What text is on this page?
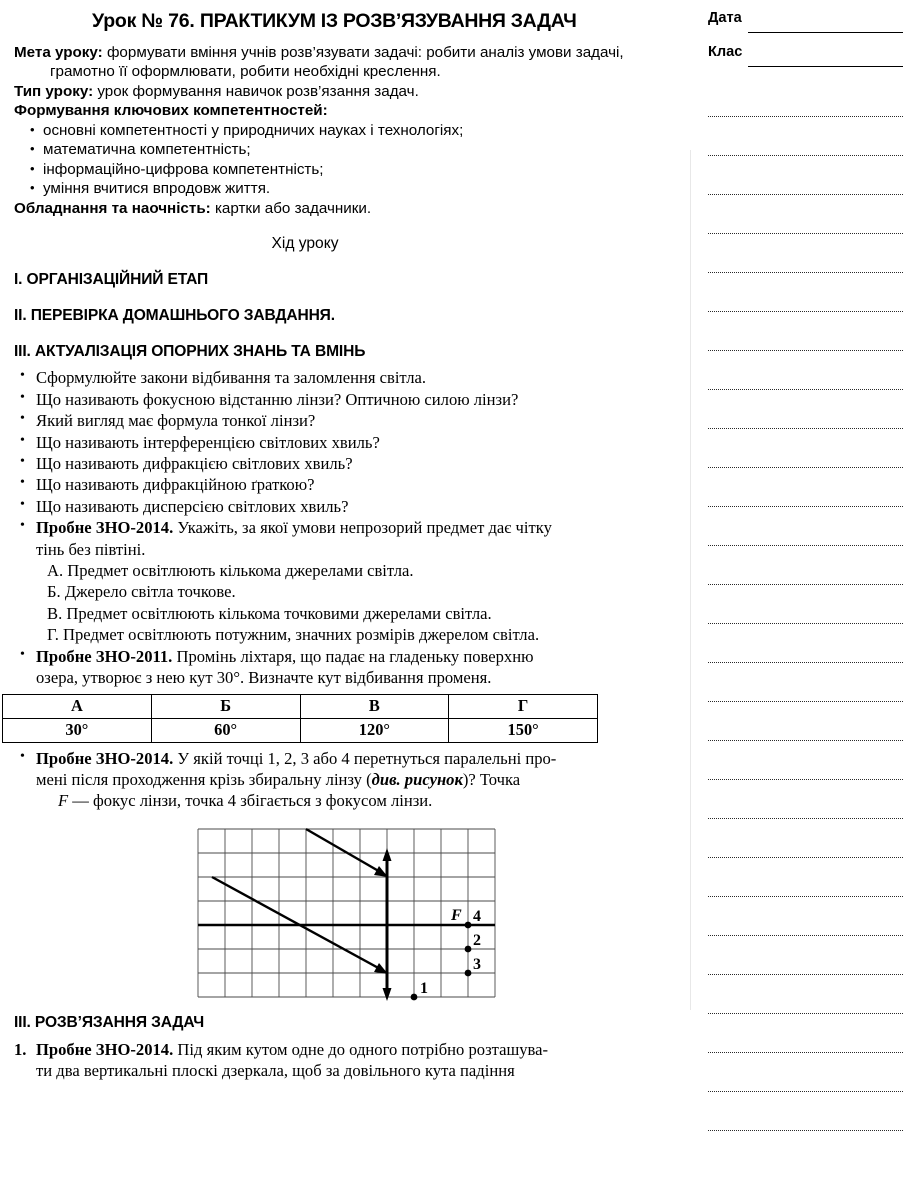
Урок № 76. ПРАКТИКУМ ІЗ РОЗВ’ЯЗУВАННЯ ЗАДАЧ

Мета уроку: формувати вміння учнів розв’язувати задачі: робити аналіз умови задачі,
грамотно її оформлювати, робити необхідні креслення.

Тип уроку: урок формування навичок розв’язання задач.

Формування ключових компетентностей:

• основні компетентності у природничих науках і технологіях;
• математична компетентність;
• інформаційно-цифрова компетентність;
• уміння вчитися впродовж життя.

Обладнання та наочність: картки або задачники.

Хід уроку
I. ОРГАНІЗАЦІЙНИЙ ЕТАП
II. ПЕРЕВІРКА ДОМАШНЬОГО ЗАВДАННЯ.
III. АКТУАЛІЗАЦІЯ ОПОРНИХ ЗНАНЬ ТА ВМІНЬ
• Сформулюйте закони відбивання та заломлення світла.
• Що називають фокусною відстанню лінзи? Оптичною силою лінзи?
• Який вигляд має формула тонкої лінзи?
• Що називають інтерференцією світлових хвиль?
• Що називають дифракцією світлових хвиль?
• Що називають дифракційною ґраткою?
• Що називають дисперсією світлових хвиль?
• Пробне ЗНО-2014. Укажіть, за якої умови непрозорий предмет дає чітку
тінь без півтіні.
А. Предмет освітлюють кількома джерелами світла.
Б. Джерело світла точкове.
В. Предмет освітлюють кількома точковими джерелами світла.
Г. Предмет освітлюють потужним, значних розмірів джерелом світла.
• Пробне ЗНО-2011. Промінь ліхтаря, що падає на гладеньку поверхню
озера, утворює з нею кут 30°. Визначте кут відбивання променя.
А	Б	В	Г
30°	60°	120°	150°
• Пробне ЗНО-2014. У якій точці 1, 2, 3 або 4 перетнуться паралельні про-
мені після проходження крізь збиральну лінзу (див. рисунок)? Точка
F — фокус лінзи, точка 4 збігається з фокусом лінзи.
F 4
2
3
1
III. РОЗВ’ЯЗАННЯ ЗАДАЧ
1. Пробне ЗНО-2014. Під яким кутом одне до одного потрібно розташува-
ти два вертикальні плоскі дзеркала, щоб за довільного кута падіння
Дата
Клас
